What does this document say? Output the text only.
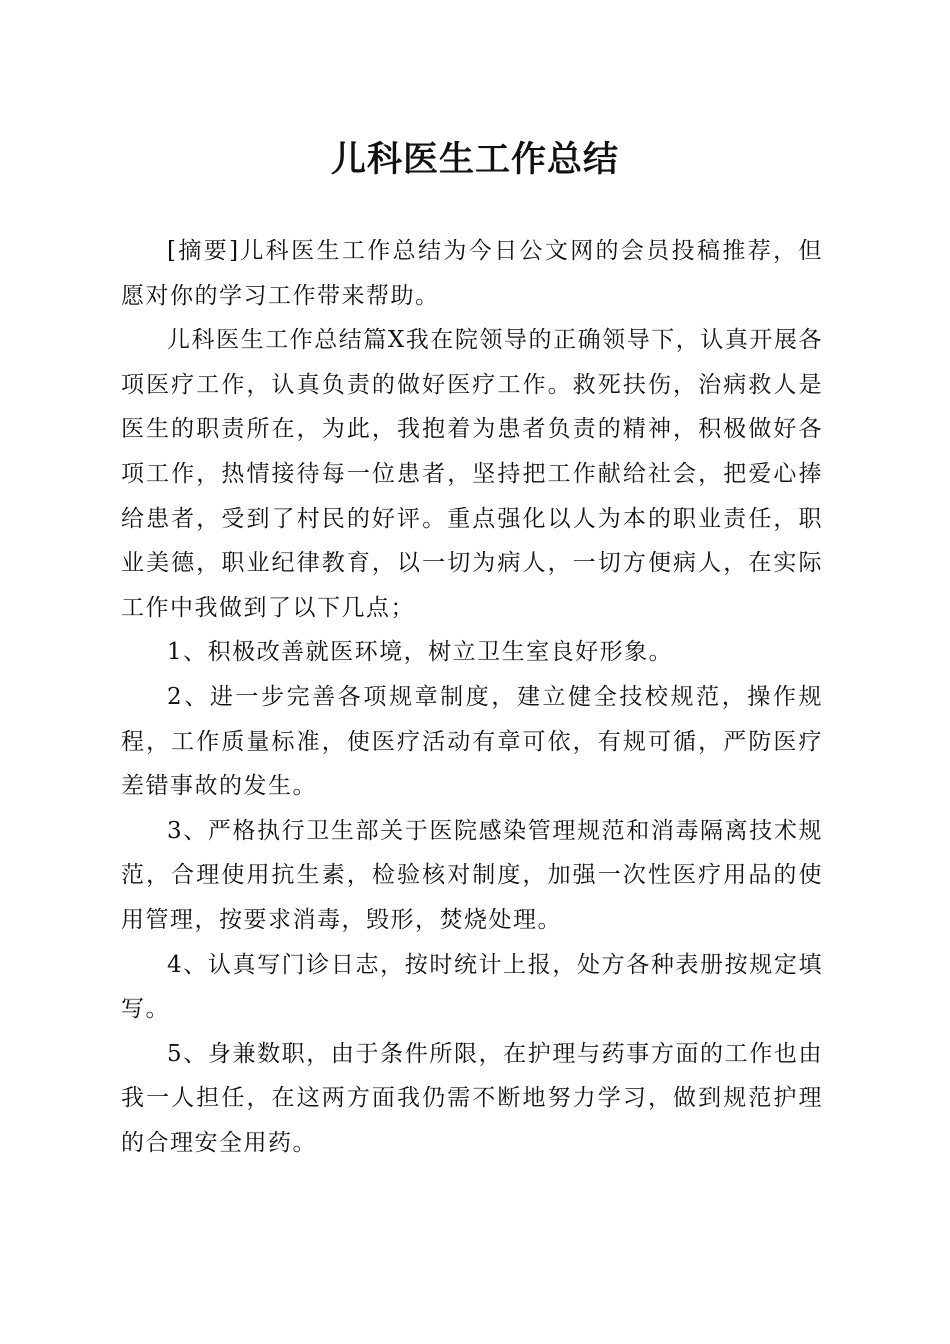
儿科医生工作总结

[摘要]儿科医生工作总结为今日公文网的会员投稿推荐，但愿对你的学习工作带来帮助。

儿科医生工作总结篇X我在院领导的正确领导下，认真开展各项医疗工作，认真负责的做好医疗工作。救死扶伤，治病救人是医生的职责所在，为此，我抱着为患者负责的精神，积极做好各项工作，热情接待每一位患者，坚持把工作献给社会，把爱心捧给患者，受到了村民的好评。重点强化以人为本的职业责任，职业美德，职业纪律教育，以一切为病人，一切方便病人，在实际工作中我做到了以下几点；

1、积极改善就医环境，树立卫生室良好形象。

2、进一步完善各项规章制度，建立健全技校规范，操作规程，工作质量标准，使医疗活动有章可依，有规可循，严防医疗差错事故的发生。

3、严格执行卫生部关于医院感染管理规范和消毒隔离技术规范，合理使用抗生素，检验核对制度，加强一次性医疗用品的使用管理，按要求消毒，毁形，焚烧处理。

4、认真写门诊日志，按时统计上报，处方各种表册按规定填写。

5、身兼数职，由于条件所限，在护理与药事方面的工作也由我一人担任，在这两方面我仍需不断地努力学习，做到规范护理的合理安全用药。
